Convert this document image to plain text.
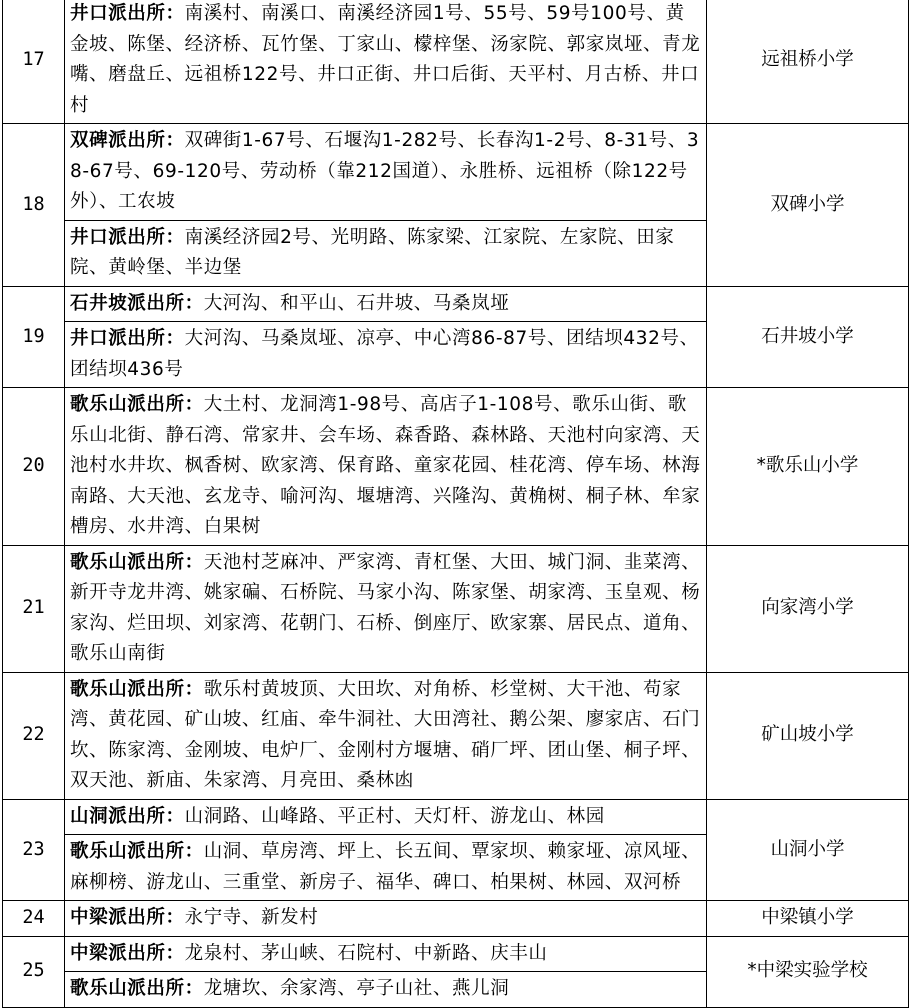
17	井口派出所：南溪村、南溪口、南溪经济园1号、55号、59号100号、黄金坡、陈堡、经济桥、瓦竹堡、丁家山、檬梓堡、汤家院、郭家岚垭、青龙嘴、磨盘丘、远祖桥122号、井口正街、井口后街、天平村、月古桥、井口村	远祖桥小学
18	双碑派出所：双碑街1-67号、石堰沟1-282号、长春沟1-2号、8-31号、38-67号、69-120号、劳动桥（靠212国道）、永胜桥、远祖桥（除122号外）、工农坡
井口派出所：南溪经济园2号、光明路、陈家梁、江家院、左家院、田家院、黄岭堡、半边堡	双碑小学
19	石井坡派出所：大河沟、和平山、石井坡、马桑岚垭
井口派出所：大河沟、马桑岚垭、凉亭、中心湾86-87号、团结坝432号、团结坝436号	石井坡小学
20	歌乐山派出所：大土村、龙洞湾1-98号、高店子1-108号、歌乐山街、歌乐山北街、静石湾、常家井、会车场、森香路、森林路、天池村向家湾、天池村水井坎、枫香树、欧家湾、保育路、童家花园、桂花湾、停车场、林海南路、大天池、玄龙寺、喻河沟、堰塘湾、兴隆沟、黄桷树、桐子林、牟家槽房、水井湾、白果树	*歌乐山小学
21	歌乐山派出所：天池村芝麻冲、严家湾、青杠堡、大田、城门洞、韭菜湾、新开寺龙井湾、姚家碥、石桥院、马家小沟、陈家堡、胡家湾、玉皇观、杨家沟、烂田坝、刘家湾、花朝门、石桥、倒座厅、欧家寨、居民点、道角、歌乐山南街	向家湾小学
22	歌乐山派出所：歌乐村黄坡顶、大田坎、对角桥、杉堂树、大干池、苟家湾、黄花园、矿山坡、红庙、牵牛洞社、大田湾社、鹅公架、廖家店、石门坎、陈家湾、金刚坡、电炉厂、金刚村方堰塘、硝厂坪、团山堡、桐子坪、双天池、新庙、朱家湾、月亮田、桑林凼	矿山坡小学
23	山洞派出所：山洞路、山峰路、平正村、天灯杆、游龙山、林园
歌乐山派出所：山洞、草房湾、坪上、长五间、覃家坝、赖家垭、凉风垭、麻柳榜、游龙山、三重堂、新房子、福华、碑口、柏果树、林园、双河桥	山洞小学
24	中梁派出所：永宁寺、新发村	中梁镇小学
25	中梁派出所：龙泉村、茅山峡、石院村、中新路、庆丰山
歌乐山派出所：龙塘坎、余家湾、亭子山社、燕儿洞	*中梁实验学校
